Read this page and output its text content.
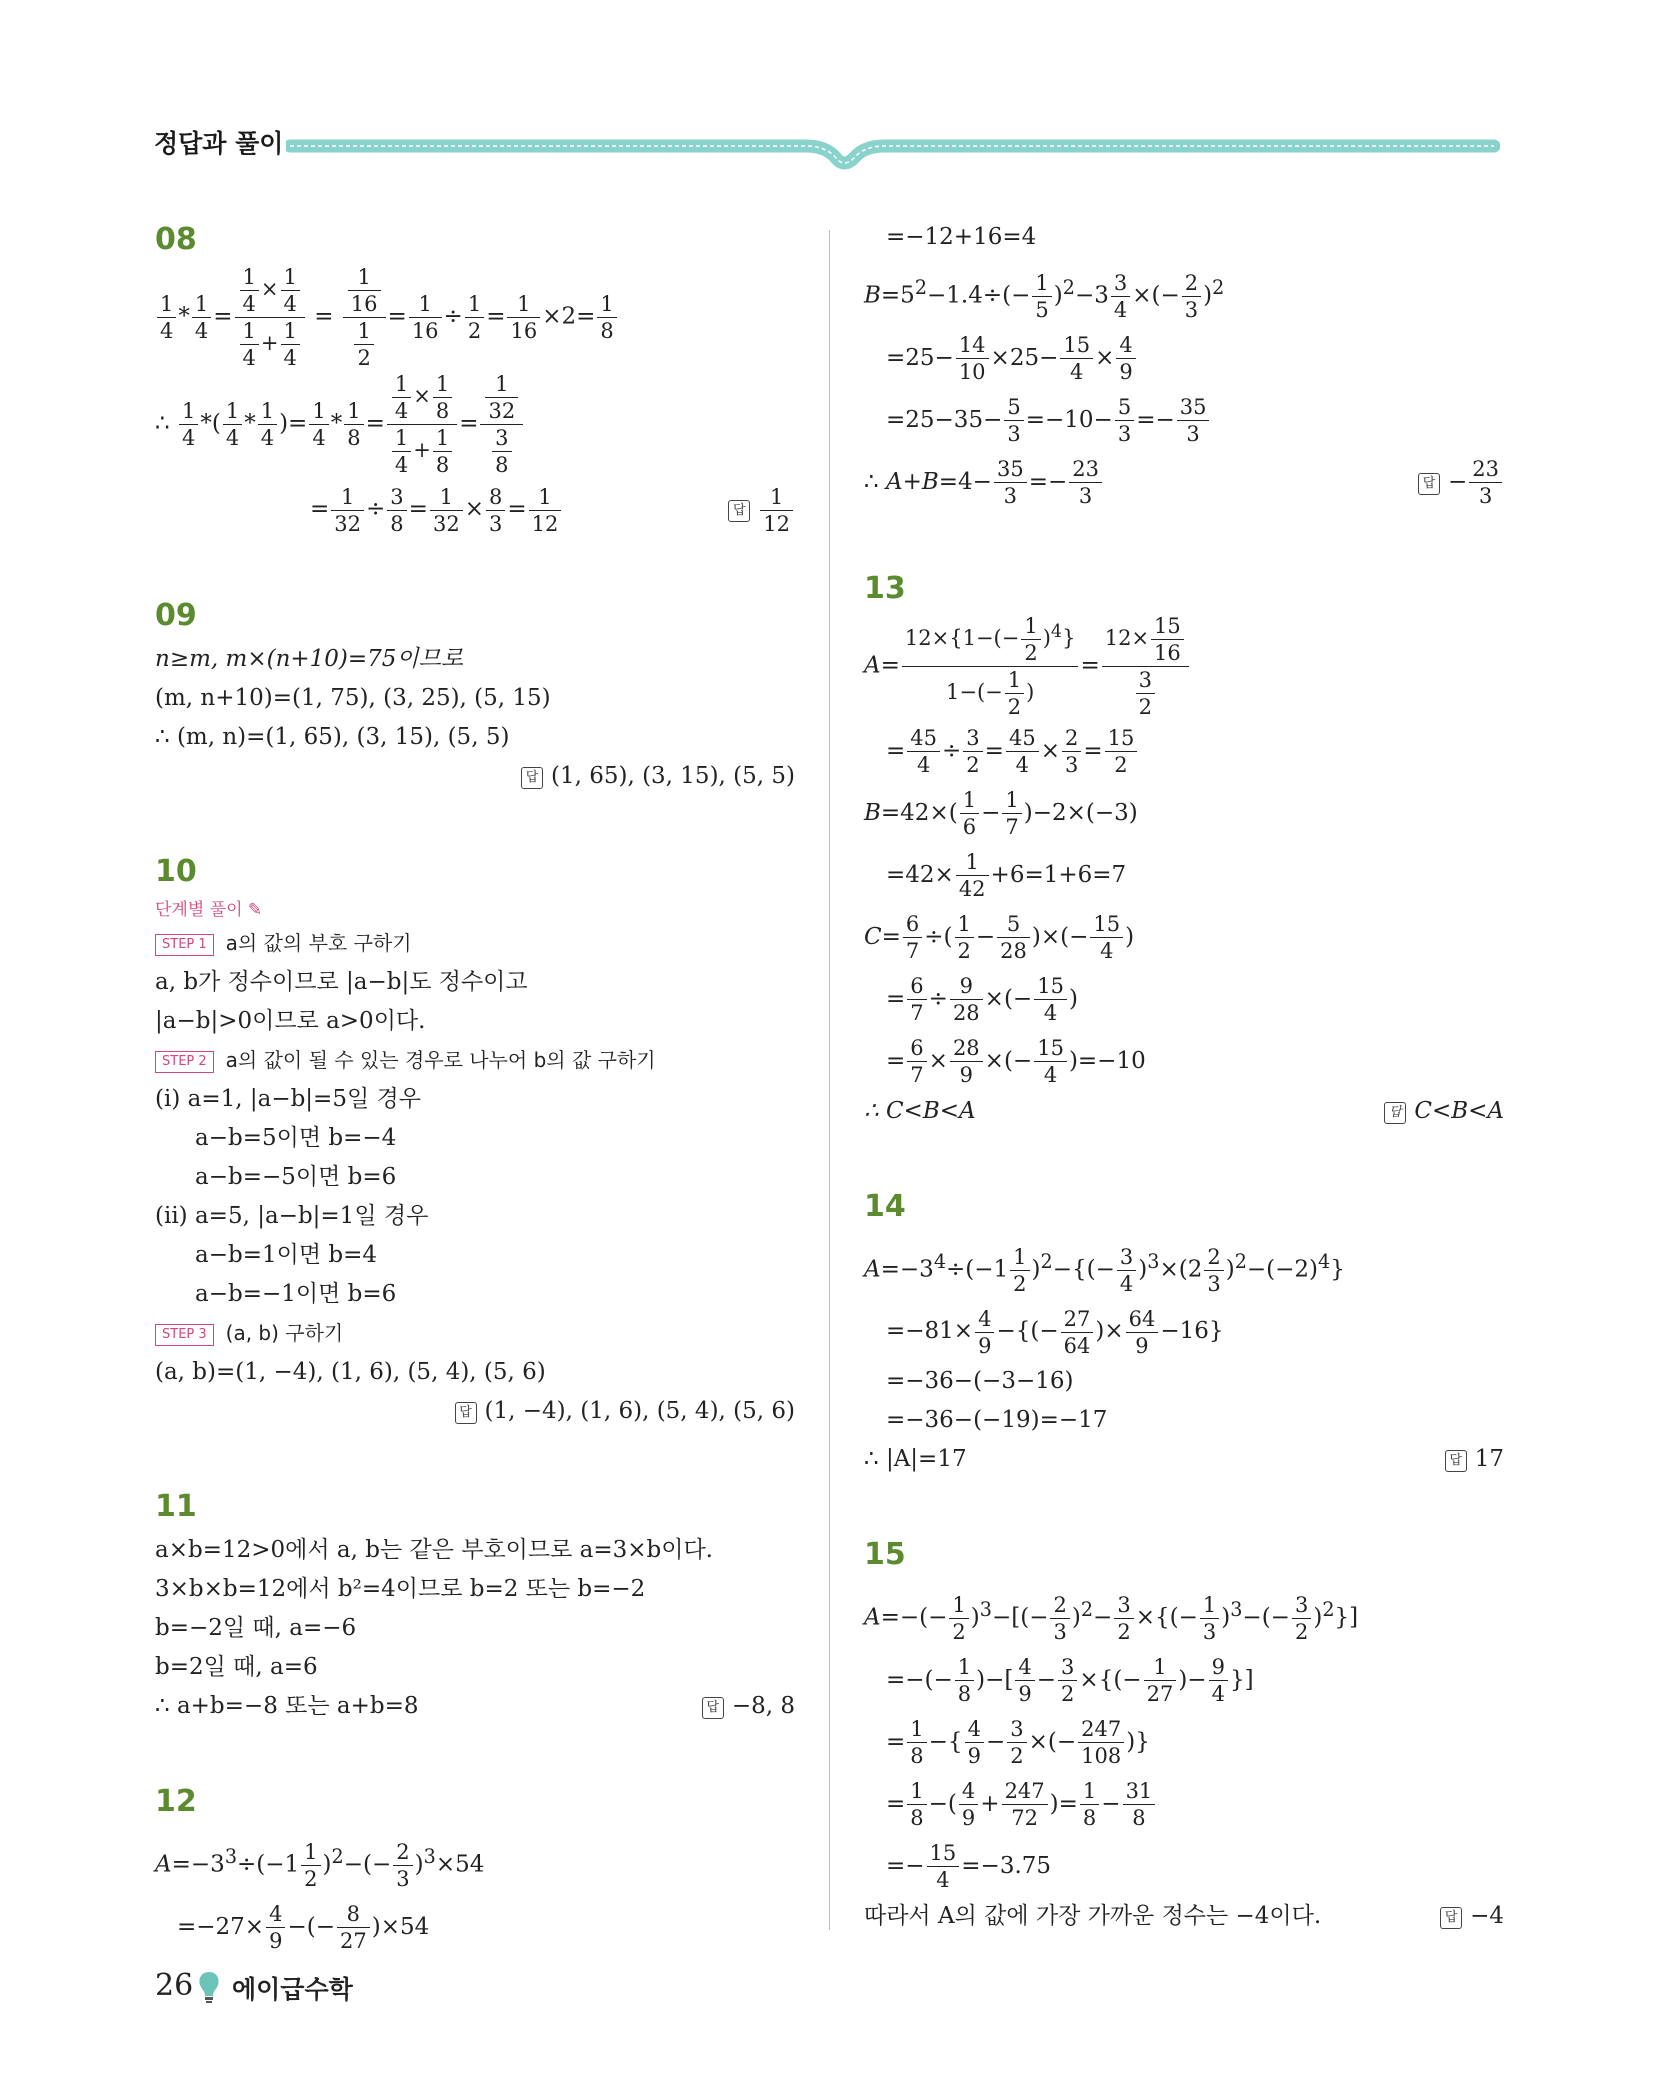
정답과 풀이
08
$\frac{1}{4} * \frac{1}{4} = \frac{\frac{1}{4} \times \frac{1}{4}}{\frac{1}{4} + \frac{1}{4}} = \frac{\frac{1}{16}}{\frac{1}{2}} = \frac{1}{16} \div \frac{1}{2} = \frac{1}{16} \times 2= \frac{1}{8}$
∴ $\frac{1}{4}$ *( $\frac{1}{4} * \frac{1}{4}$ )= $\frac{1}{4} * \frac{1}{8} = \frac{\frac{1}{4} \times \frac{1}{8}}{\frac{1}{4} + \frac{1}{8}} = \frac{\frac{1}{32}}{\frac{3}{8}}$
= $\frac{1}{32} \div \frac{3}{8} = \frac{1}{32} \times \frac{8}{3} = \frac{1}{12}$	답 $\frac{1}{12}$
09
n≥m, m×(n+10)=75이므로
(m, n+10)=(1, 75), (3, 25), (5, 15)
∴ (m, n)=(1, 65), (3, 15), (5, 5)
답 (1, 65), (3, 15), (5, 5)
10
단계별 풀이 ✎
STEP 1 a의 값의 부호 구하기
a, b가 정수이므로 |a−b|도 정수이고
|a−b|>0이므로 a>0이다.
STEP 2 a의 값이 될 수 있는 경우로 나누어 b의 값 구하기
(ⅰ) a=1, |a−b|=5일 경우
a−b=5이면 b=−4
a−b=−5이면 b=6
(ⅱ) a=5, |a−b|=1일 경우
a−b=1이면 b=4
a−b=−1이면 b=6
STEP 3 (a, b) 구하기
(a, b)=(1, −4), (1, 6), (5, 4), (5, 6)
답 (1, −4), (1, 6), (5, 4), (5, 6)
11
a×b=12>0에서 a, b는 같은 부호이므로 a=3×b이다.
3×b×b=12에서 b²=4이므로 b=2 또는 b=−2
b=−2일 때, a=−6
b=2일 때, a=6
∴ a+b=−8 또는 a+b=8	답 −8, 8
12
$A=-3^3\div(-1 \frac{1}{2} )^2-(- \frac{2}{3} )^3\times 54$
$=-27\times \frac{4}{9}$ −(− $\frac{8}{27} )\times 54$
=−12+16=4
$B=5^2-1.4\div(- \frac{1}{5} )^2-3 \frac{3}{4}$ ×(− $\frac{2}{3} )^2$
$=25- \frac{14}{10} \times 25- \frac{15}{4} \times \frac{4}{9}$
$=25-35- \frac{5}{3} =-10- \frac{5}{3} =- \frac{35}{3}$
∴ $A+B=4- \frac{35}{3} =- \frac{23}{3}$	답 − $\frac{23}{3}$
13
$A= \frac{12\times\{1-(- \frac{1}{2} )^4\}}{1-(- \frac{1}{2} )} = \frac{12\times \frac{15}{16}}{\frac{3}{2}}$
= $\frac{45}{4} \div \frac{3}{2} = \frac{45}{4} \times \frac{2}{3} = \frac{15}{2}$
$B=42\times( \frac{1}{6} - \frac{1}{7} )-2\times(-3)$
$=42\times \frac{1}{42} +6=1+6=7$
$C= \frac{6}{7}$ ÷( $\frac{1}{2} - \frac{5}{28}$ )×(− $\frac{15}{4}$ )
= $\frac{6}{7} \div \frac{9}{28}$ ×(− $\frac{15}{4}$ )
= $\frac{6}{7} \times \frac{28}{9}$ ×(− $\frac{15}{4} )=-10$
∴ C<B<A	답 C<B<A
14
$A=-3^4\div(-1 \frac{1}{2} )^2-\{(- \frac{3}{4} )^3\times(2 \frac{2}{3} )^2-(-2)^4\}$
$=-81\times \frac{4}{9}$ −{(− $\frac{27}{64}$ )× $\frac{64}{9} -16$}
=−36−(−3−16)
=−36−(−19)=−17
∴ |A|=17	답 17
15
$A=-(- \frac{1}{2} )^3-[(- \frac{2}{3} )^2- \frac{3}{2}$ ×{(− $\frac{1}{3} )^3-(- \frac{3}{2} )^2$}]
=−(− $\frac{1}{8}$ )−[ $\frac{4}{9} - \frac{3}{2}$ ×{(− $\frac{1}{27}$ )− $\frac{9}{4}$ }]
= $\frac{1}{8}$ −{ $\frac{4}{9} - \frac{3}{2}$ ×(− $\frac{247}{108}$ )}
= $\frac{1}{8}$ −( $\frac{4}{9} + \frac{247}{72}$ )= $\frac{1}{8} - \frac{31}{8}$
=− $\frac{15}{4} =-3.75$
따라서 A의 값에 가장 가까운 정수는 −4이다.	답 −4
26 에이급수학
